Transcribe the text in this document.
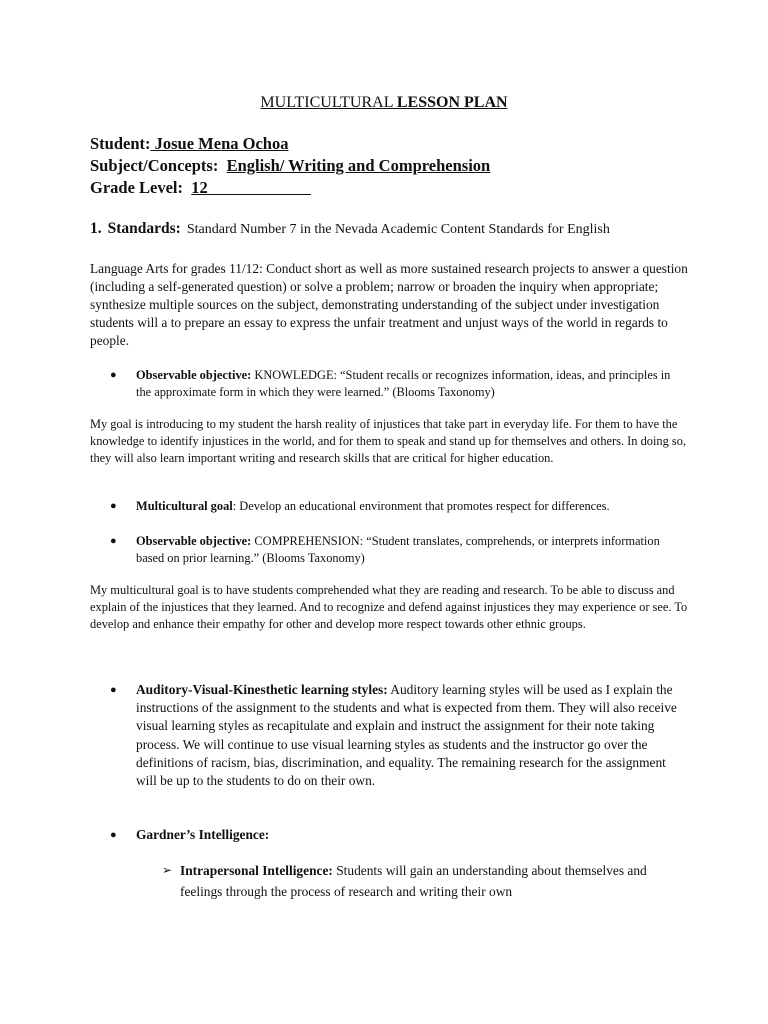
MULTICULTURAL LESSON PLAN
Student: Josue Mena Ochoa
Subject/Concepts: English/ Writing and Comprehension
Grade Level: 12
1. Standards: Standard Number 7 in the Nevada Academic Content Standards for English
Language Arts for grades 11/12: Conduct short as well as more sustained research projects to answer a question (including a self-generated question) or solve a problem; narrow or broaden the inquiry when appropriate; synthesize multiple sources on the subject, demonstrating understanding of the subject under investigation students will a to prepare an essay to express the unfair treatment and unjust ways of the world in regards to people.
● Observable objective: KNOWLEDGE: “Student recalls or recognizes information, ideas, and principles in the approximate form in which they were learned.” (Blooms Taxonomy)
My goal is introducing to my student the harsh reality of injustices that take part in everyday life. For them to have the knowledge to identify injustices in the world, and for them to speak and stand up for themselves and others. In doing so, they will also learn important writing and research skills that are critical for higher education.
● Multicultural goal: Develop an educational environment that promotes respect for differences.
● Observable objective: COMPREHENSION: “Student translates, comprehends, or interprets information based on prior learning.” (Blooms Taxonomy)
My multicultural goal is to have students comprehended what they are reading and research. To be able to discuss and explain of the injustices that they learned. And to recognize and defend against injustices they may experience or see. To develop and enhance their empathy for other and develop more respect towards other ethnic groups.
● Auditory-Visual-Kinesthetic learning styles: Auditory learning styles will be used as I explain the instructions of the assignment to the students and what is expected from them. They will also receive visual learning styles as recapitulate and explain and instruct the assignment for their note taking process. We will continue to use visual learning styles as students and the instructor go over the definitions of racism, bias, discrimination, and equality. The remaining research for the assignment will be up to the students to do on their own.
● Gardner’s Intelligence:
➢ Intrapersonal Intelligence: Students will gain an understanding about themselves and feelings through the process of research and writing their own
